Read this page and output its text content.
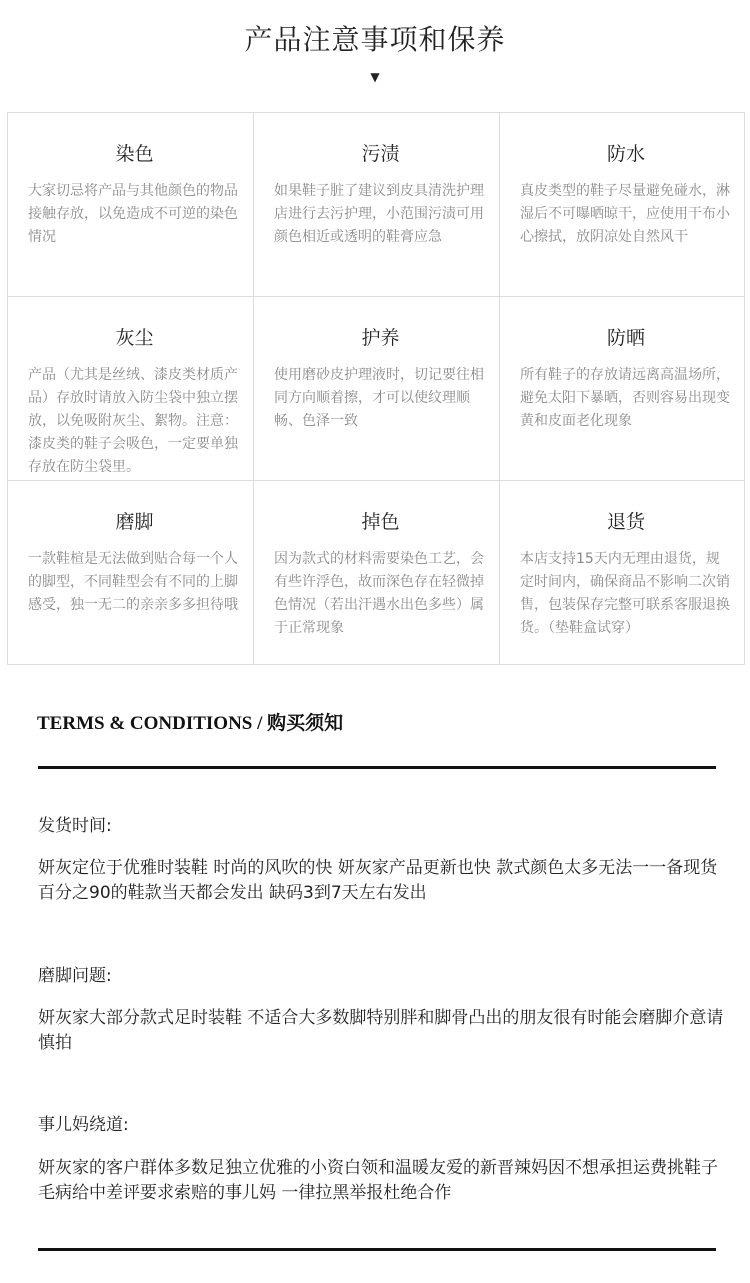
产品注意事项和保养
▼
染色
大家切忌将产品与其他颜色的物品接触存放，以免造成不可逆的染色情况
污渍
如果鞋子脏了建议到皮具清洗护理店进行去污护理，小范围污渍可用颜色相近或透明的鞋膏应急
防水
真皮类型的鞋子尽量避免碰水，淋湿后不可曝晒晾干，应使用干布小心擦拭，放阴凉处自然风干
灰尘
产品（尤其是丝绒、漆皮类材质产品）存放时请放入防尘袋中独立摆放，以免吸附灰尘、絮物。注意：漆皮类的鞋子会吸色，一定要单独存放在防尘袋里。
护养
使用磨砂皮护理液时，切记要往相同方向顺着擦，才可以使纹理顺畅、色泽一致
防晒
所有鞋子的存放请远离高温场所，避免太阳下暴晒，否则容易出现变黄和皮面老化现象
磨脚
一款鞋楦是无法做到贴合每一个人的脚型，不同鞋型会有不同的上脚感受，独一无二的亲亲多多担待哦
掉色
因为款式的材料需要染色工艺，会有些许浮色，故而深色存在轻微掉色情况（若出汗遇水出色多些）属于正常现象
退货
本店支持15天内无理由退货，规定时间内，确保商品不影响二次销售，包装保存完整可联系客服退换货。（垫鞋盒试穿）
TERMS & CONDITIONS / 购买须知
发货时间:
妍灰定位于优雅时装鞋 时尚的风吹的快 妍灰家产品更新也快 款式颜色太多无法一一备现货 百分之90的鞋款当天都会发出 缺码3到7天左右发出
磨脚问题:
妍灰家大部分款式足时装鞋 不适合大多数脚特别胖和脚骨凸出的朋友很有时能会磨脚介意请慎拍
事儿妈绕道:
妍灰家的客户群体多数足独立优雅的小资白领和温暖友爱的新晋辣妈因不想承担运费挑鞋子毛病给中差评要求索赔的事儿妈 一律拉黑举报杜绝合作
